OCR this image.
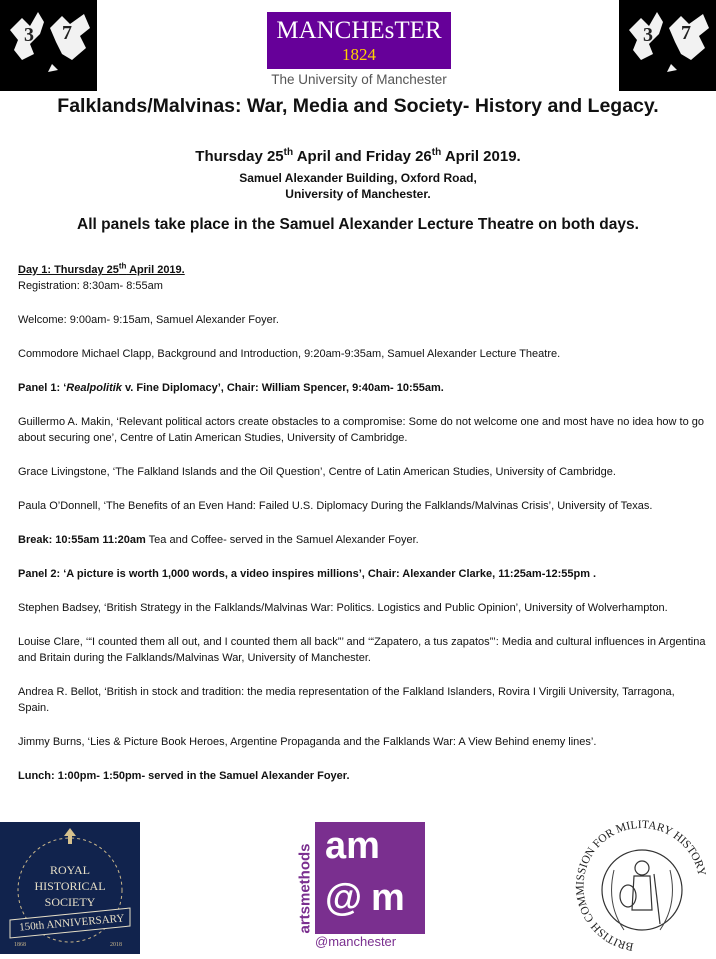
3 7	MANCHEsTER
1824
The University of Manchester
3 7
Falklands/Malvinas: War, Media and Society- History and Legacy.
Thursday 25th April and Friday 26th April 2019.
Samuel Alexander Building, Oxford Road,
University of Manchester.
All panels take place in the Samuel Alexander Lecture Theatre on both days.

Day 1: Thursday 25th April 2019.

Registration: 8:30am- 8:55am

Welcome: 9:00am- 9:15am, Samuel Alexander Foyer.

Commodore Michael Clapp, Background and Introduction, 9:20am-9:35am, Samuel Alexander Lecture Theatre.

Panel 1: ‘Realpolitik v. Fine Diplomacy’, Chair: William Spencer, 9:40am- 10:55am.

Guillermo A. Makin, ‘Relevant political actors create obstacles to a compromise: Some do not welcome one and most have no idea how to go about securing one’, Centre of Latin American Studies, University of Cambridge.

Grace Livingstone, ‘The Falkland Islands and the Oil Question’, Centre of Latin American Studies, University of Cambridge.

Paula O’Donnell, ‘The Benefits of an Even Hand: Failed U.S. Diplomacy During the Falklands/Malvinas Crisis’, University of Texas.

Break: 10:55am 11:20am Tea and Coffee- served in the Samuel Alexander Foyer.

Panel 2: ‘A picture is worth 1,000 words, a video inspires millions’, Chair: Alexander Clarke, 11:25am-12:55pm .

Stephen Badsey, ‘British Strategy in the Falklands/Malvinas War: Politics. Logistics and Public Opinion’, University of Wolverhampton.

Louise Clare, ‘“I counted them all out, and I counted them all back”’ and ‘“Zapatero, a tus zapatos”’: Media and cultural influences in Argentina and Britain during the Falklands/Malvinas War, University of Manchester.

Andrea R. Bellot, ‘British in stock and tradition: the media representation of the Falkland Islanders, Rovira I Virgili University, Tarragona, Spain.

Jimmy Burns, ‘Lies & Picture Book Heroes, Argentine Propaganda and the Falklands War: A View Behind enemy lines’.

Lunch: 1:00pm- 1:50pm- served in the Samuel Alexander Foyer.

ROYAL
HISTORICAL
SOCIETY
150th ANNIVERSARY
1868	2018
artsmethods am
@ m
@manchester	BRITISH COMMISSION FOR MILITARY HISTORY
